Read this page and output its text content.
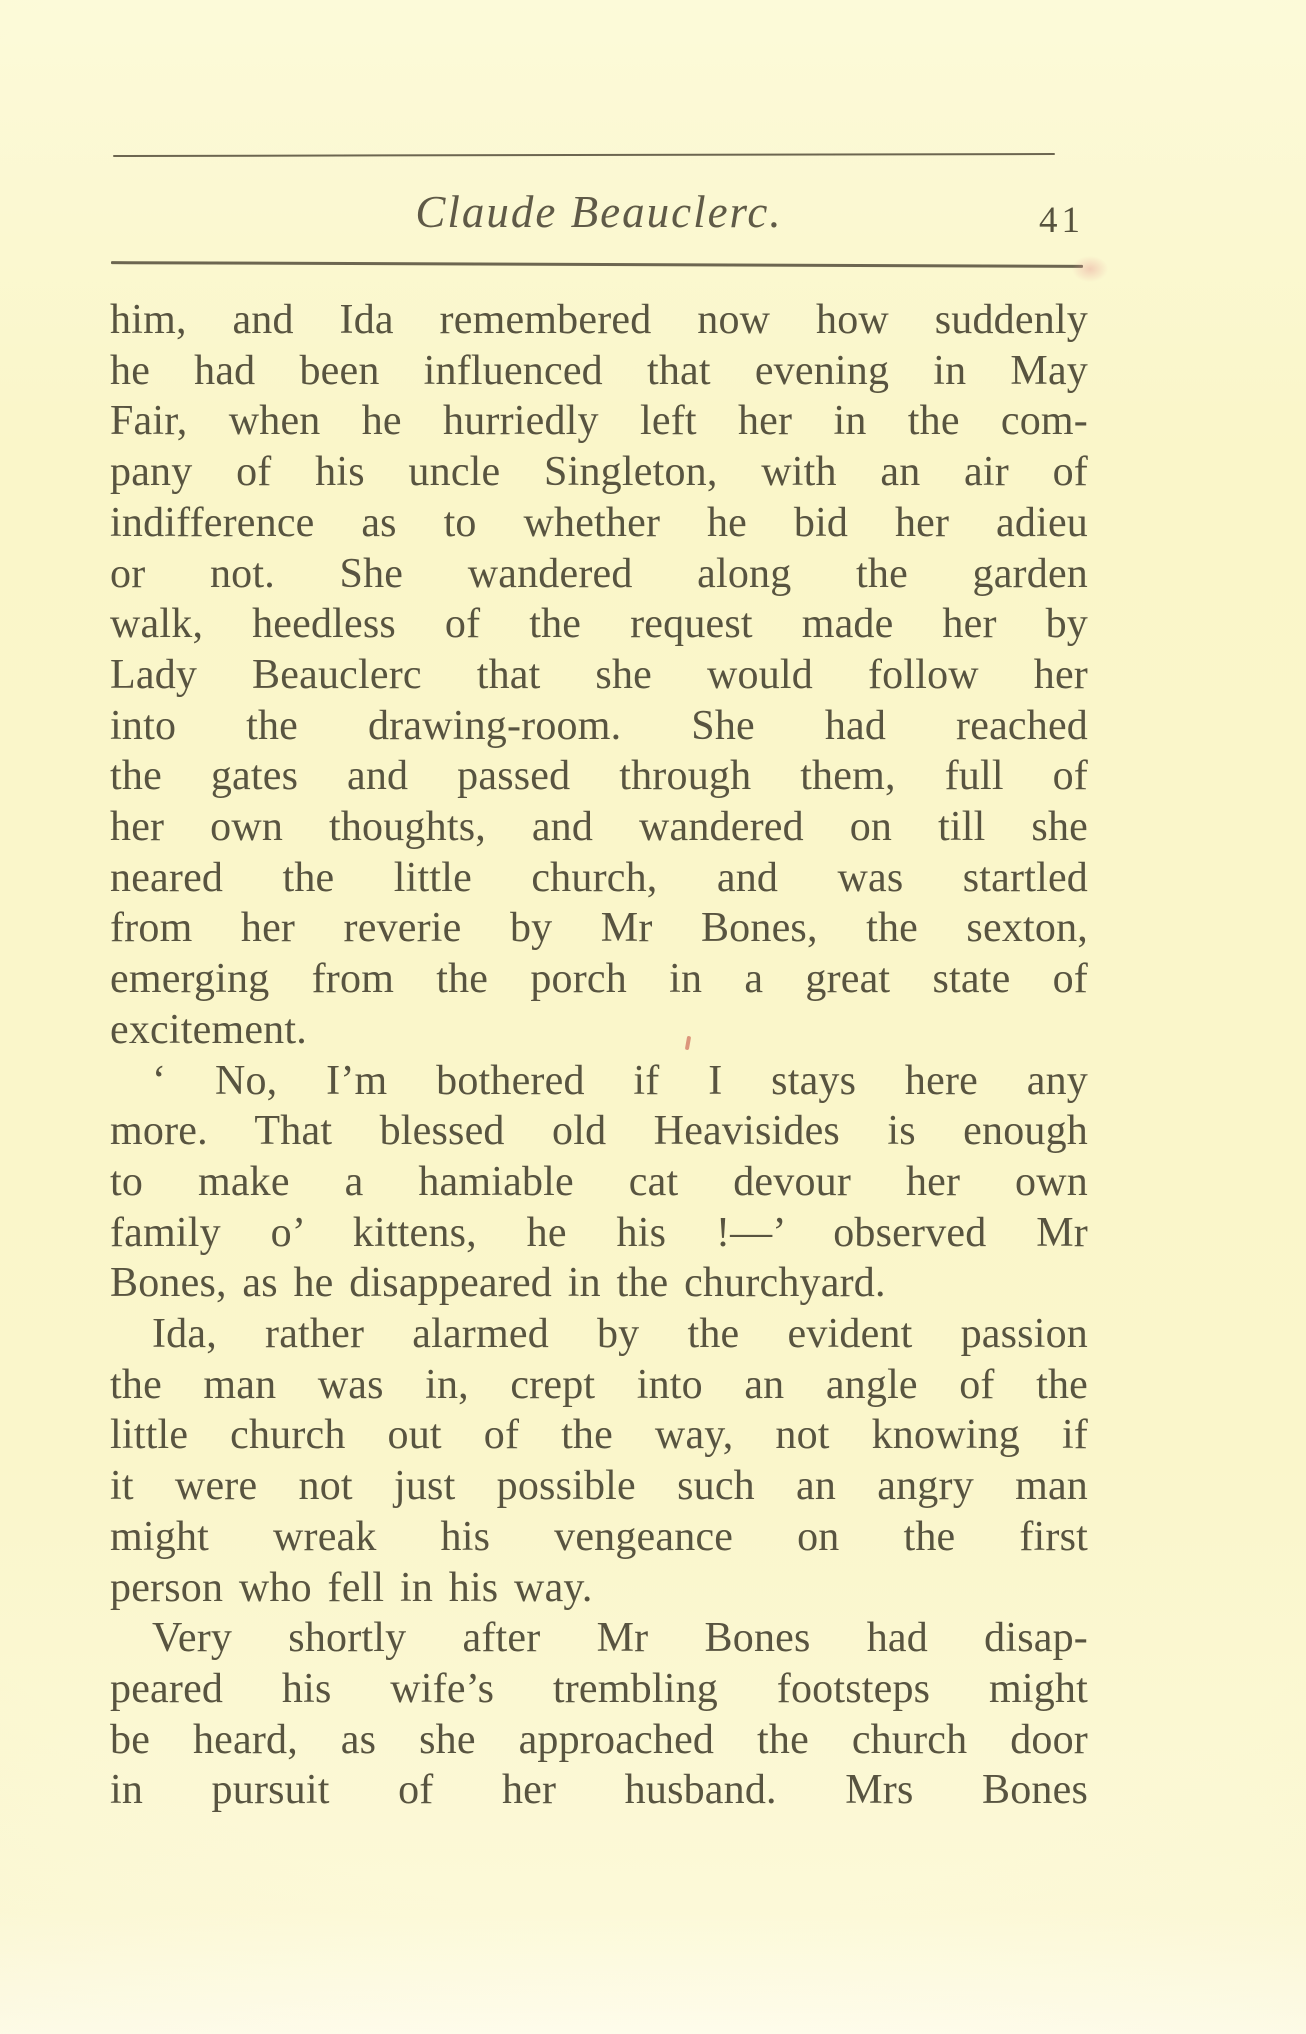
Claude Beauclerc.	41
him, and Ida remembered now how suddenly
he had been influenced that evening in May
Fair, when he hurriedly left her in the com-
pany of his uncle Singleton, with an air of
indifference as to whether he bid her adieu
or not. She wandered along the garden
walk, heedless of the request made her by
Lady Beauclerc that she would follow her
into the drawing-room. She had reached
the gates and passed through them, full of
her own thoughts, and wandered on till she
neared the little church, and was startled
from her reverie by Mr Bones, the sexton,
emerging from the porch in a great state of
excitement.
‘ No, I’m bothered if I stays here any
more. That blessed old Heavisides is enough
to make a hamiable cat devour her own
family o’ kittens, he his !—’ observed Mr
Bones, as he disappeared in the churchyard.
Ida, rather alarmed by the evident passion
the man was in, crept into an angle of the
little church out of the way, not knowing if
it were not just possible such an angry man
might wreak his vengeance on the first
person who fell in his way.
Very shortly after Mr Bones had disap-
peared his wife’s trembling footsteps might
be heard, as she approached the church door
in pursuit of her husband. Mrs Bones
